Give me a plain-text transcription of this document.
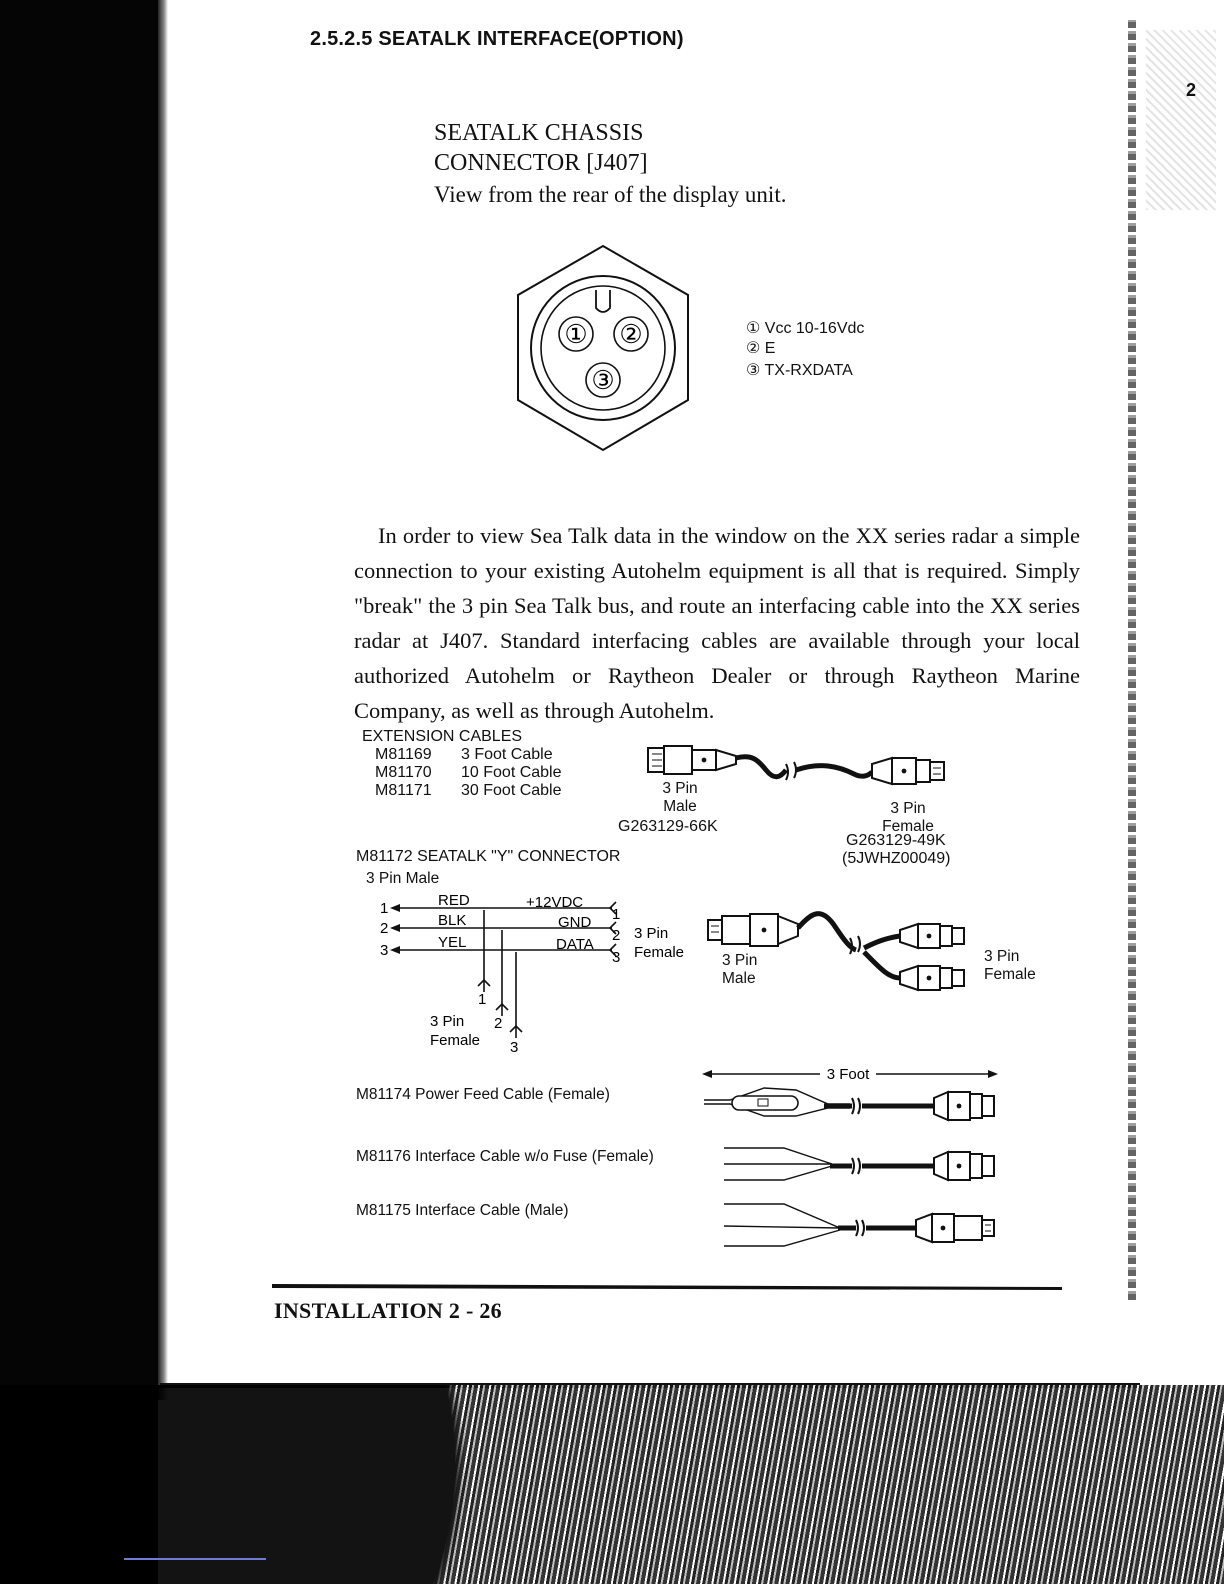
2.5.2.5 SEATALK INTERFACE(OPTION)
2
SEATALK CHASSIS
CONNECTOR [J407]
View from the rear of the display unit.
① ②
③
① Vcc 10-16Vdc
② E
③ TX-RXDATA
In order to view Sea Talk data in the window on the XX series radar a simple connection to your existing Autohelm equipment is all that is required. Simply "break" the 3 pin Sea Talk bus, and route an interfacing cable into the XX series radar at J407. Standard interfacing cables are available through your local authorized Autohelm or Raytheon Dealer or through Raytheon Marine Company, as well as through Autohelm.
EXTENSION CABLES
M81169 3 Foot Cable
M81170 10 Foot Cable
M81171 30 Foot Cable	3 Pin
Male
G263129-66K
3 Pin
Female
G263129-49K
(5JWHZ00049)
M81172 SEATALK "Y" CONNECTOR
3 Pin Male
1
2
3
RED
BLK
YEL
+12VDC
GND
DATA
1
2
3
3 Pin
Female
1
2
3
3 Pin
Female
3 Pin
Male
3 Pin
Female
M81174 Power Feed Cable (Female)
M81176 Interface Cable w/o Fuse (Female)
M81175 Interface Cable (Male)
3 Foot
INSTALLATION 2 - 26
